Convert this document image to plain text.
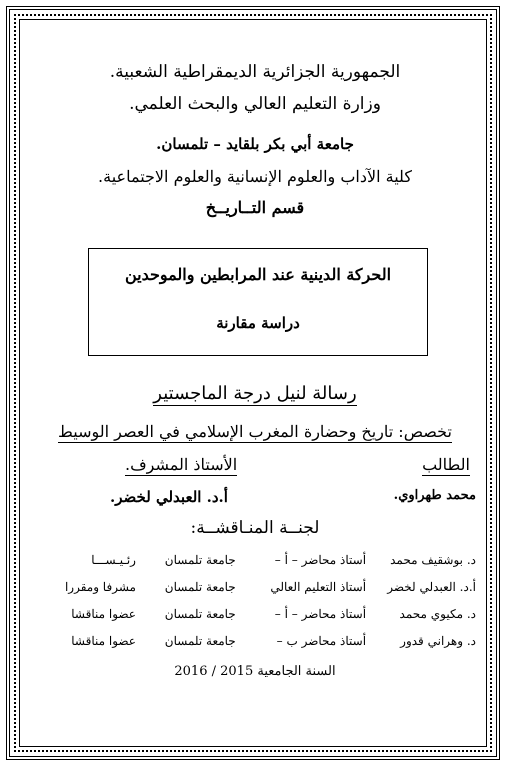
الجمهورية الجزائرية الديمقراطية الشعبية.
وزارة التعليم العالي والبحث العلمي.
جامعة أبي بكر بلقايد – تلمسان.
كلية الآداب والعلوم الإنسانية والعلوم الاجتماعية.
قسم التــاريــخ
الحركة الدينية عند المرابطين والموحدين
دراسة مقارنة
رسالة لنيل درجة الماجستير
تخصص: تاريخ وحضارة المغرب الإسلامي في العصر الوسيط
الطالب
الأستاذ المشرف.
محمد طهراوي.
أ.د. العبدلي لخضر.
لجنــة المنـاقشــة:
د. بوشقيف محمد	أستاذ محاضر – أ –	جامعة تلمسان	رئـيـســـا
أ.د. العبدلي لخضر	أستاذ التعليم العالي	جامعة تلمسان	مشرفا ومقررا
د. مكيوي محمد	أستاذ محاضر – أ –	جامعة تلمسان	عضوا مناقشا
د. وهراني قدور	أستاذ محاضر ب –	جامعة تلمسان	عضوا مناقشا
السنة الجامعية 2015 / 2016
